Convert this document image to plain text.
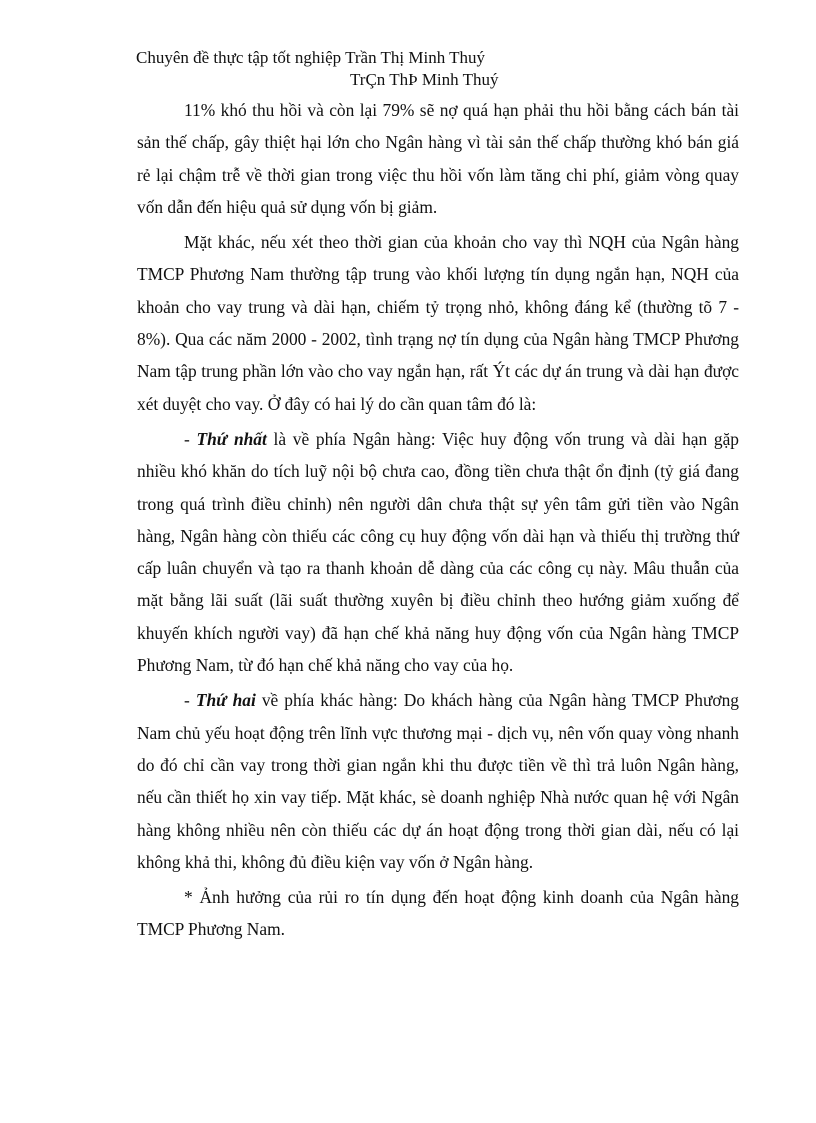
Chuyên đề thực tập tốt nghiệp Trần Thị Minh Thuý
TrÇn ThÞ Minh Thuý

11% khó thu hồi và còn lại 79% sẽ nợ quá hạn phải thu hồi bằng cách bán tài sản thế chấp, gây thiệt hại lớn cho Ngân hàng vì tài sản thế chấp thường khó bán giá rẻ lại chậm trễ về thời gian trong việc thu hồi vốn làm tăng chi phí, giảm vòng quay vốn dẫn đến hiệu quả sử dụng vốn bị giảm.

Mặt khác, nếu xét theo thời gian của khoản cho vay thì NQH của Ngân hàng TMCP Phương Nam thường tập trung vào khối lượng tín dụng ngắn hạn, NQH của khoản cho vay trung và dài hạn, chiếm tỷ trọng nhỏ, không đáng kể (thường tõ 7 - 8%). Qua các năm 2000 - 2002, tình trạng nợ tín dụng của Ngân hàng TMCP Phương Nam tập trung phần lớn vào cho vay ngắn hạn, rất Ýt các dự án trung và dài hạn được xét duyệt cho vay. Ở đây có hai lý do cần quan tâm đó là:

- Thứ nhất là về phía Ngân hàng: Việc huy động vốn trung và dài hạn gặp nhiều khó khăn do tích luỹ nội bộ chưa cao, đồng tiền chưa thật ổn định (tỷ giá đang trong quá trình điều chỉnh) nên người dân chưa thật sự yên tâm gửi tiền vào Ngân hàng, Ngân hàng còn thiếu các công cụ huy động vốn dài hạn và thiếu thị trường thứ cấp luân chuyển và tạo ra thanh khoản dễ dàng của các công cụ này. Mâu thuẫn của mặt bằng lãi suất (lãi suất thường xuyên bị điều chỉnh theo hướng giảm xuống để khuyến khích người vay) đã hạn chế khả năng huy động vốn của Ngân hàng TMCP Phương Nam, từ đó hạn chế khả năng cho vay của họ.

- Thứ hai về phía khác hàng: Do khách hàng của Ngân hàng TMCP Phương Nam chủ yếu hoạt động trên lĩnh vực thương mại - dịch vụ, nên vốn quay vòng nhanh do đó chỉ cần vay trong thời gian ngắn khi thu được tiền về thì trả luôn Ngân hàng, nếu cần thiết họ xin vay tiếp. Mặt khác, sè doanh nghiệp Nhà nước quan hệ với Ngân hàng không nhiều nên còn thiếu các dự án hoạt động trong thời gian dài, nếu có lại không khả thi, không đủ điều kiện vay vốn ở Ngân hàng.

* Ảnh hưởng của rủi ro tín dụng đến hoạt động kinh doanh của Ngân hàng TMCP Phương Nam.
